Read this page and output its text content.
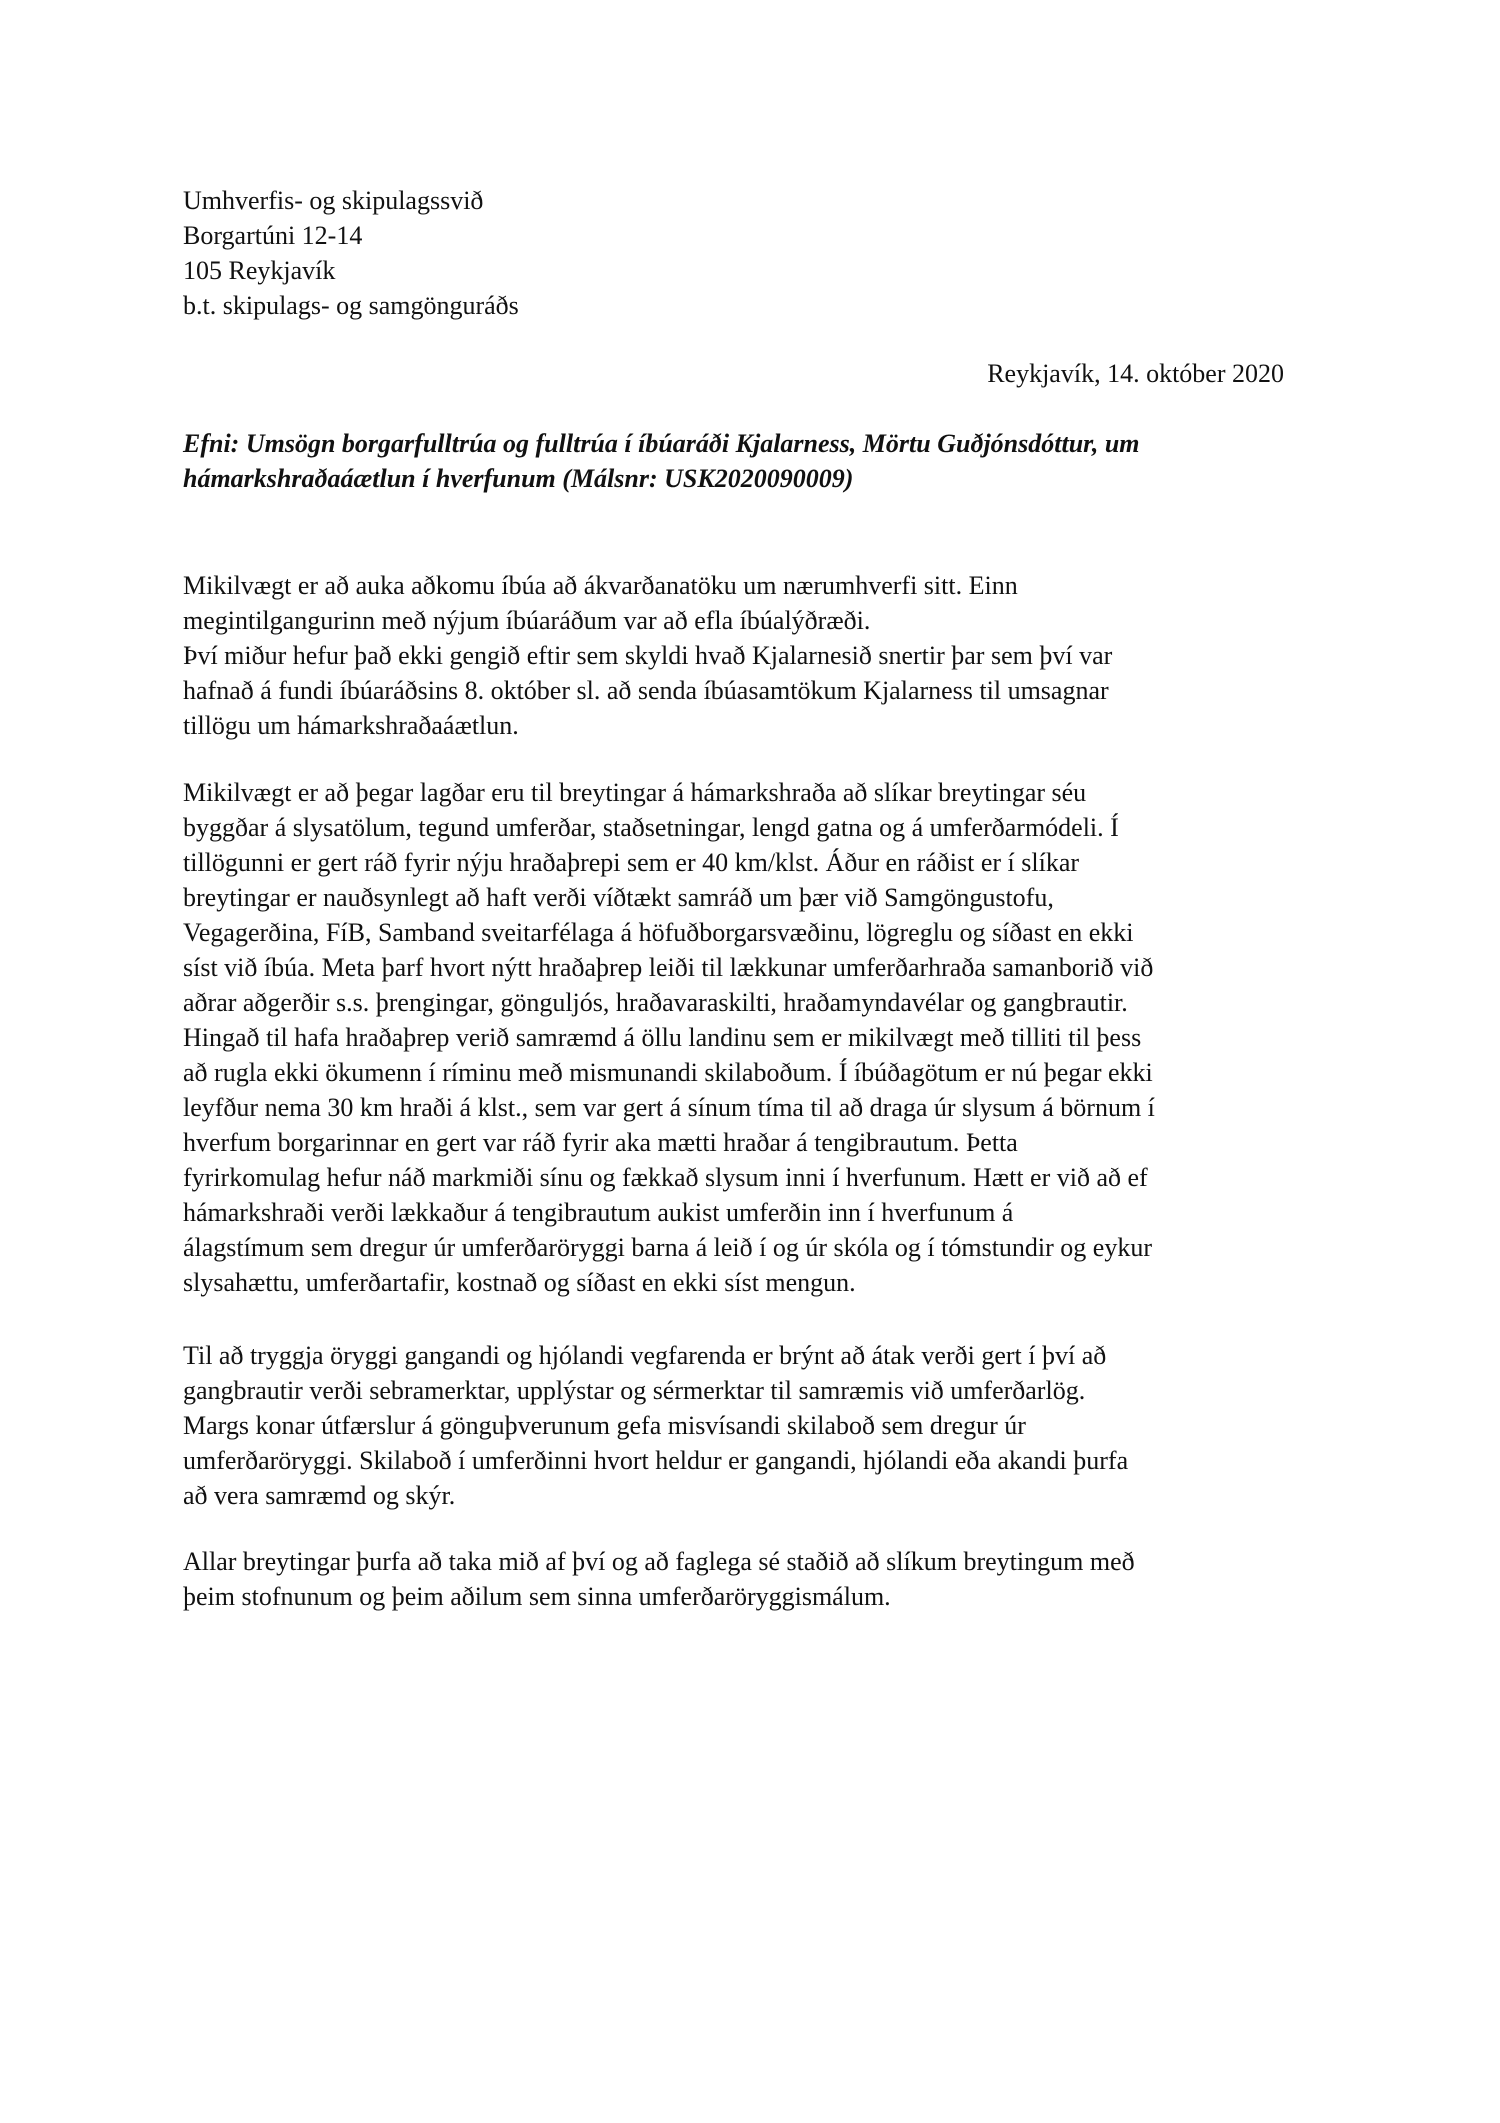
Umhverfis- og skipulagssvið
Borgartúni 12-14
105 Reykjavík
b.t. skipulags- og samgönguráðs
Reykjavík, 14. október 2020
Efni: Umsögn borgarfulltrúa og fulltrúa í íbúaráði Kjalarness, Mörtu Guðjónsdóttur, um
hámarkshraðaáætlun í hverfunum (Málsnr: USK2020090009)
Mikilvægt er að auka aðkomu íbúa að ákvarðanatöku um nærumhverfi sitt. Einn
megintilgangurinn með nýjum íbúaráðum var að efla íbúalýðræði.
Því miður hefur það ekki gengið eftir sem skyldi hvað Kjalarnesið snertir þar sem því var
hafnað á fundi íbúaráðsins 8. október sl. að senda íbúasamtökum Kjalarness til umsagnar
tillögu um hámarkshraðaáætlun.
Mikilvægt er að þegar lagðar eru til breytingar á hámarkshraða að slíkar breytingar séu
byggðar á slysatölum, tegund umferðar, staðsetningar, lengd gatna og á umferðarmódeli. Í
tillögunni er gert ráð fyrir nýju hraðaþrepi sem er 40 km/klst. Áður en ráðist er í slíkar
breytingar er nauðsynlegt að haft verði víðtækt samráð um þær við Samgöngustofu,
Vegagerðina, FíB, Samband sveitarfélaga á höfuðborgarsvæðinu, lögreglu og síðast en ekki
síst við íbúa. Meta þarf hvort nýtt hraðaþrep leiði til lækkunar umferðarhraða samanborið við
aðrar aðgerðir s.s. þrengingar, gönguljós, hraðavaraskilti, hraðamyndavélar og gangbrautir.
Hingað til hafa hraðaþrep verið samræmd á öllu landinu sem er mikilvægt með tilliti til þess
að rugla ekki ökumenn í ríminu með mismunandi skilaboðum. Í íbúðagötum er nú þegar ekki
leyfður nema 30 km hraði á klst., sem var gert á sínum tíma til að draga úr slysum á börnum í
hverfum borgarinnar en gert var ráð fyrir aka mætti hraðar á tengibrautum. Þetta
fyrirkomulag hefur náð markmiði sínu og fækkað slysum inni í hverfunum. Hætt er við að ef
hámarkshraði verði lækkaður á tengibrautum aukist umferðin inn í hverfunum á
álagstímum sem dregur úr umferðaröryggi barna á leið í og úr skóla og í tómstundir og eykur
slysahættu, umferðartafir, kostnað og síðast en ekki síst mengun.
Til að tryggja öryggi gangandi og hjólandi vegfarenda er brýnt að átak verði gert í því að
gangbrautir verði sebramerktar, upplýstar og sérmerktar til samræmis við umferðarlög.
Margs konar útfærslur á gönguþverunum gefa misvísandi skilaboð sem dregur úr
umferðaröryggi. Skilaboð í umferðinni hvort heldur er gangandi, hjólandi eða akandi þurfa
að vera samræmd og skýr.
Allar breytingar þurfa að taka mið af því og að faglega sé staðið að slíkum breytingum með
þeim stofnunum og þeim aðilum sem sinna umferðaröryggismálum.
